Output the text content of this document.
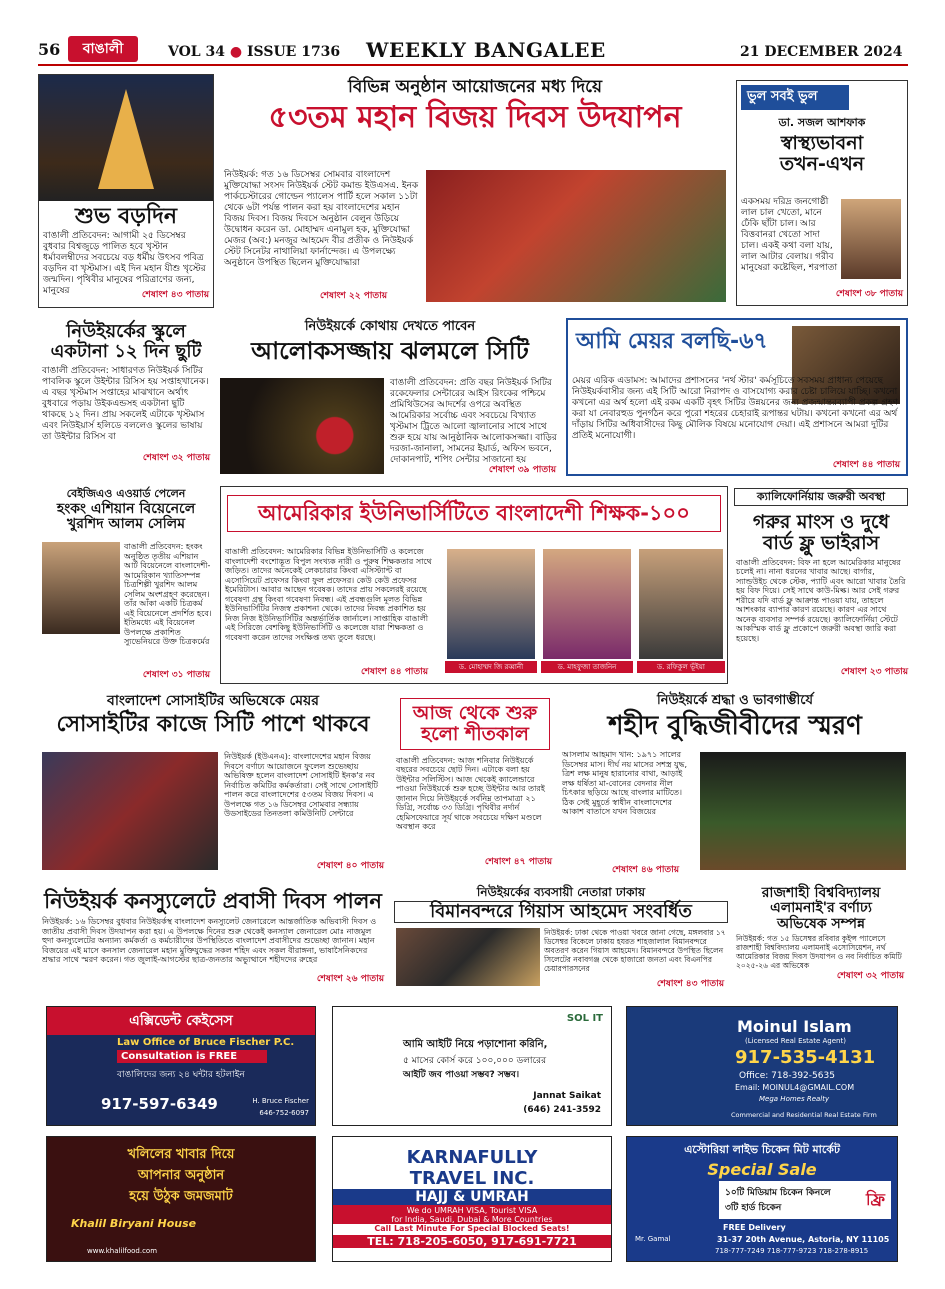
56	বাঙালী	VOL 34 ● ISSUE 1736 WEEKLY BANGALEE	21 DECEMBER 2024
শুভ বড়দিন
বাঙালী প্রতিবেদন: আগামী ২৫ ডিসেম্বর বুধবার বিশ্বজুড়ে পালিত হবে খৃস্টান ধর্মাবলম্বীদের সবচেয়ে বড় ধর্মীয় উৎসব পবিত্র বড়দিন বা খৃস্টমাস। এই দিন মহান যীশু খৃস্টের জন্মদিন। পৃথিবীর মানুষের পরিত্রাণের জন্য, মানুষের	শেষাংশ ৪৩ পাতায়
বিভিন্ন অনুষ্ঠান আয়োজনের মধ্য দিয়ে
৫৩তম মহান বিজয় দিবস উদযাপন
নিউইয়র্ক: গত ১৬ ডিসেম্বর সোমবার বাংলাদেশ মুক্তিযোদ্ধা সংসদ নিউইয়র্ক স্টেট কমান্ড ইউএসএ. ইনক পার্কচেস্টারের গোল্ডেন প্যালেস পার্টি হলে সকাল ১১টা থেকে ৬টা পর্যন্ত পালন করা হয় বাংলাদেশের মহান বিজয় দিবস। বিজয় দিবসে অনুষ্ঠান বেলুন উড়িয়ে উদ্বোধন করেন ডা. মোহাম্মদ এনামুল হক, মুক্তিযোদ্ধা মেজর (অব:) মনজুর আহমেদ বীর প্রতীক ও নিউইয়র্ক স্টেট সিনেটর নাথালিয়া ফার্নান্দেজ। এ উপলক্ষ্যে অনুষ্ঠানে উপস্থিত ছিলেন মুক্তিযোদ্ধারা
শেষাংশ ২২ পাতায়
ভুল সবই ভুল
ডা. সজল আশফাক
স্বাস্থ্যভাবনা
তখন-এখন
একসময় দরিদ্র জনগোষ্ঠী লাল চাল খেতো, মানে ঢেঁকি ছাঁটা চাল। আর বিত্তবানরা খেতো সাদা চাল। একই কথা বলা যায়, লাল আটার বেলায়। গরীব মানুষেরা কষ্টেছিল, শরপাতা
শেষাংশ ৩৮ পাতায়
নিউইয়র্কের স্কুলে একটানা ১২ দিন ছুটি
বাঙালী প্রতিবেদন: সাধারণত নিউইয়র্ক সিটির পাবলিক স্কুলে উইন্টার রিসিস হয় সপ্তাহখানেক। এ বছর খৃস্টমাস সপ্তাহের মাঝখানে অর্থাৎ বুধবারে পড়ায় উইকএন্ডসহ একটানা ছুটি থাকছে ১২ দিন। প্রায় সকলেই এটাকে খৃস্টমাস এবং নিউইয়ার্স হলিডে বললেও স্কুলের ভাষায় তা উইন্টার রিসিস বা
শেষাংশ ৩২ পাতায়
নিউইয়র্কে কোথায় দেখতে পাবেন
আলোকসজ্জায় ঝলমলে সিটি
বাঙালী প্রতিবেদন: প্রতি বছর নিউইয়র্ক সিটির রকেফেলার সেন্টারের আইস রিংকের পশ্চিমে প্রমিথিউসের আদর্শের ওপরে অবস্থিত আমেরিকার সর্বোচ্চ এবং সবচেয়ে বিখ্যাত খৃস্টমাস ট্রিতে আলো জ্বালানোর সাথে সাথে শুরু হয়ে যায় আনুষ্ঠানিক আলোকসজ্জা। বাড়ির দরজা-জানালা, সামনের ইয়ার্ড, অফিস ভবনে, দোকানপাট, শপিং সেন্টার সাজানো হয়
শেষাংশ ৩৯ পাতায়
আমি মেয়র বলছি-৬৭
মেয়র এরিক এডামস: আমাদের প্রশাসনের 'নর্থ স্টার' কর্মসূচিতে সবসময় প্রাধান্য পেয়েছে নিউইয়র্কবাসীর জন্য এই সিটি আরো নিরাপদ ও বাসযোগ্য করার চেষ্টা চালিয়ে যাচ্ছি। কখনো কখনো এর অর্থ হলো এই রকম একটি বৃহৎ সিটির উন্নয়নের জন্য প্রজন্মান্তরব্যাপী প্রকল্প গ্রহণ করা যা নেবারহুড পুনর্গঠন করে পুরো শহরের চেহারাই রূপান্তর ঘটায়। কখনো কখনো এর অর্থ দাঁড়ায় সিটির অধিবাসীদের কিছু মৌলিক বিষয়ে মনোযোগ দেয়া। এই প্রশাসনে আমরা দুটির প্রতিই মনোযোগী।
শেষাংশ ৪৪ পাতায়
বেইজিএও এওয়ার্ড পেলেন
হংকং এশিয়ান বিয়েনেলে
খুরশিদ আলম সেলিম
বাঙালী প্রতিবেদন: হংকং অনুষ্ঠিত তৃতীয় এশিয়ান আর্ট বিয়েনেলে বাংলাদেশী-আমেরিকান খ্যাতিসম্পন্ন চিত্রশিল্পী খুরশিদ আলম সেলিম অংশগ্রহণ করেছেন। তাঁর আঁকা একটি চিত্রকর্ম এই বিয়েনেলে প্রদর্শিত হবে। ইতিমধ্যে এই বিয়েনেল উপলক্ষে প্রকাশিত স্যুভেনিয়রে উক্ত চিত্রকর্মের
শেষাংশ ৩১ পাতায়
আমেরিকার ইউনিভার্সিটিতে বাংলাদেশী শিক্ষক-১০০
বাঙালী প্রতিবেদন: আমেরিকার বিভিন্ন ইউনিভার্সিটি ও কলেজে বাংলাদেশী বংশোদ্ভূত বিপুল সংখ্যক নারী ও পুরুষ শিক্ষকতার সাথে জড়িত। তাদের অনেকেই লেকচারার কিংবা এসিস্ট্যান্ট বা এসোসিয়েট প্রফেসর কিংবা ফুল প্রফেসর। কেউ কেউ প্রফেসর ইমেরিটাস। আবার আছেন গবেষক। তাদের প্রায় সকলেরই রয়েছে গবেষণা গ্রন্থ কিংবা গবেষণা নিবন্ধ। এই প্রবন্ধগুলি মূলত বিভিন্ন ইউনিভার্সিটির নিজস্ব প্রকাশনা থেকে। তাদের নিবন্ধ প্রকাশিত হয় নিজ নিজ ইউনিভার্সিটির অন্তর্ভার্তিক জার্নালে। সাপ্তাহিক বাঙালী এই সিরিজে বেশকিছু ইউনিভার্সিটি ও কলেজে যারা শিক্ষকতা ও গবেষণা করেন তাদের সংক্ষিপ্ত তথ্য তুলে ধরছে।
শেষাংশ ৪৪ পাতায়	ড. মোহাম্মদ জি রব্বানী	ড. মাহফুজা তাজনিন	ড. রফিকুল ভূঁইয়া
ক্যালিফোর্নিয়ায় জরুরী অবস্থা
গরুর মাংস ও দুধে
বার্ড ফ্লু ভাইরাস
বাঙালী প্রতিবেদন: বিফ না হলে আমেরিকার মানুষের চলেই না। নানা ধরনের খাবার আছে। বার্গার, স্যান্ডউইচ থেকে স্টেক, প্যাটি এবং আরো খাবার তৈরি হয় বিফ দিয়ে। সেই সাথে কাউ-মিল্ক। আর সেই গরুর শরীরে যদি বার্ড ফ্লু আক্রান্ত পাওয়া যায়, তাহলে আশংকার ব্যাপার কারণ রয়েছে। কারণ এর সাথে অনেক ব্যবসার সম্পর্ক রয়েছে। ক্যালিফোর্নিয়া স্টেটে আকস্মিক বার্ড ফ্লু প্রকোপে জরুরী অবস্থা জারি করা হয়েছে।
শেষাংশ ২৩ পাতায়
বাংলাদেশ সোসাইটির অভিষেকে মেয়র
সোসাইটির কাজে সিটি পাশে থাকবে
নিউইয়র্ক (ইউএনএ): বাংলাদেশের মহান বিজয় দিবসে বর্ণাঢ্য আয়োজনে ফুলেল শুভেচ্ছায় অভিষিক্ত হলেন বাংলাদেশ সোসাইটি ইনক'র নব নির্বাচিত কমিটির কর্মকর্তারা। সেই সাথে সোসাইটি পালন করে বাংলাদেশের ৫৩তম বিজয় দিবস। এ উপলক্ষে গত ১৬ ডিসেম্বর সোমবার সন্ধ্যায় উডসাইডের তিনতলা কমিউনিটি সেন্টারে
শেষাংশ ৪০ পাতায়
আজ থেকে শুরু
হলো শীতকাল
বাঙালী প্রতিবেদন: আজ শনিবার নিউইয়র্কে বছরের সবচেয়ে ছোট দিন। এটাকে বলা হয় উইন্টার সলিস্টিস। আজ থেকেই ক্যালেন্ডারে পাওয়া নিউইয়র্কে শুরু হচ্ছে উইন্টার আর তারই জানান দিয়ে নিউইয়র্কে সর্বনিম্ন তাপমাত্রা ২১ ডিগ্রি, সর্বোচ্চ ৩৩ ডিগ্রি। পৃথিবীর নর্দার্ন হেমিসফেয়ারে সূর্য থাকে সবচেয়ে দক্ষিণ মণ্ডলে অবস্থান করে
শেষাংশ ৪৭ পাতায়
নিউইয়র্কে শ্রদ্ধা ও ভাবগাম্ভীর্যে
শহীদ বুদ্ধিজীবীদের স্মরণ
আসলাম আহমাদ খান: ১৯৭১ সালের ডিসেম্বর মাস। দীর্ঘ নয় মাসের সশস্ত্র যুদ্ধ, ত্রিশ লক্ষ মানুষ হারানোর বাথা, আড়াই লক্ষ ধর্ষিতা মা-বোনের বেদনার নীল চিৎকার ছড়িয়ে আছে বাংলার মাটিতে। ঠিক সেই মুহূর্তে স্বাধীন বাংলাদেশের আকাশ বাতাসে যখন বিজয়ের
শেষাংশ ৪৬ পাতায়
নিউইয়র্ক কনস্যুলেটে প্রবাসী দিবস পালন
নিউইয়র্ক: ১৬ ডিসেম্বর বুধবার নিউইয়র্কস্থ বাংলাদেশ কনস্যুলেট জেনারেলে আন্তর্জাতিক অভিবাসী দিবস ও জাতীয় প্রবাসী দিবস উদযাপন করা হয়। এ উপলক্ষে দিনের শুরু থেকেই কনস্যাল জেনারেল মোঃ নাজমুল হুদা কনস্যুলেটের অন্যান্য কর্মকর্তা ও কর্মচারীদের উপস্থিতিতে বাংলাদেশ প্রবাসীদের শুভেচ্ছা জানান। মহান বিজয়ের এই মাসে কনসাল জেনারেল মহান মুক্তিযুদ্ধের সকল শহিদ এবং সকল বীরাঙ্গনা, ভাষাসৈনিকদের শ্রদ্ধার সাথে স্মরণ করেন। গত জুলাই-আগস্টের ছাত্র-জনতার অভ্যুত্থানে শহীদদের রুহের
শেষাংশ ২৬ পাতায়
নিউইয়র্কের ব্যবসায়ী নেতারা ঢাকায়
বিমানবন্দরে গিয়াস আহমেদ সংবর্ধিত
নিউইয়র্ক: ঢাকা থেকে পাওয়া খবরে জানা গেছে, মঙ্গলবার ১৭ ডিসেম্বর বিকেলে ঢাকায় হযরত শাহজালাল বিমানবন্দরে অবতরণ করেন গিয়াস আহমেদ। বিমানবন্দরে উপস্থিত ছিলেন সিলেটের নবাবগঞ্জ থেকে হাজারো জনতা এবং বিএনপির চেয়ারপারসনের
শেষাংশ ৪৩ পাতায়
রাজশাহী বিশ্ববিদ্যালয়
এলামনাই'র বর্ণাঢ্য
অভিষেক সম্পন্ন
নিউইয়র্ক: গত ১৫ ডিসেম্বর রবিবার কুইন্স প্যালেসে রাজশাহী বিশ্ববিদ্যালয় এলামনাই এসোসিয়েশন, নর্থ আমেরিকার বিজয় দিবস উদযাপন ও নব নির্বাচিত কমিটি ২০২৫-২৬ এর অভিষেক
শেষাংশ ৩২ পাতায়
এক্সিডেন্ট কেইসেস
Law Office of Bruce Fischer P.C.
Consultation is FREE
বাঙালিদের জন্য ২৪ ঘন্টার হটলাইন
917-597-6349	H. Bruce Fischer
646-752-6097
SOL IT
আমি আইটি নিয়ে পড়াশোনা করিনি,
৫ মাসের কোর্স করে ১০০,০০০ ডলারের
আইটি জব পাওয়া সম্ভব? সম্ভব।
Jannat Saikat
(646) 241-3592
Moinul Islam
(Licensed Real Estate Agent)
917-535-4131
Office: 718-392-5635
Email: MOINUL4@GMAIL.COM
Mega Homes Realty
Commercial and Residential Real Estate Firm
খলিলের খাবার দিয়ে
আপনার অনুষ্ঠান
হয়ে উঠুক জমজমাট
Khalil Biryani House
www.khalilfood.com
KARNAFULLY
TRAVEL INC.
HAJJ & UMRAH
We do UMRAH VISA, Tourist VISA
for India, Saudi, Dubai & More Countries
Call Last Minute For Special Blocked Seats!
TEL: 718-205-6050, 917-691-7721
এস্টোরিয়া লাইভ চিকেন মিট মার্কেট
Special Sale
১০টি মিডিয়াম চিকেন কিনলে
৩টি হার্ড চিকেন	ফ্রি
FREE Delivery
Mr. Gamal	31-37 20th Avenue, Astoria, NY 11105
718-777-7249 718-777-9723 718-278-8915
